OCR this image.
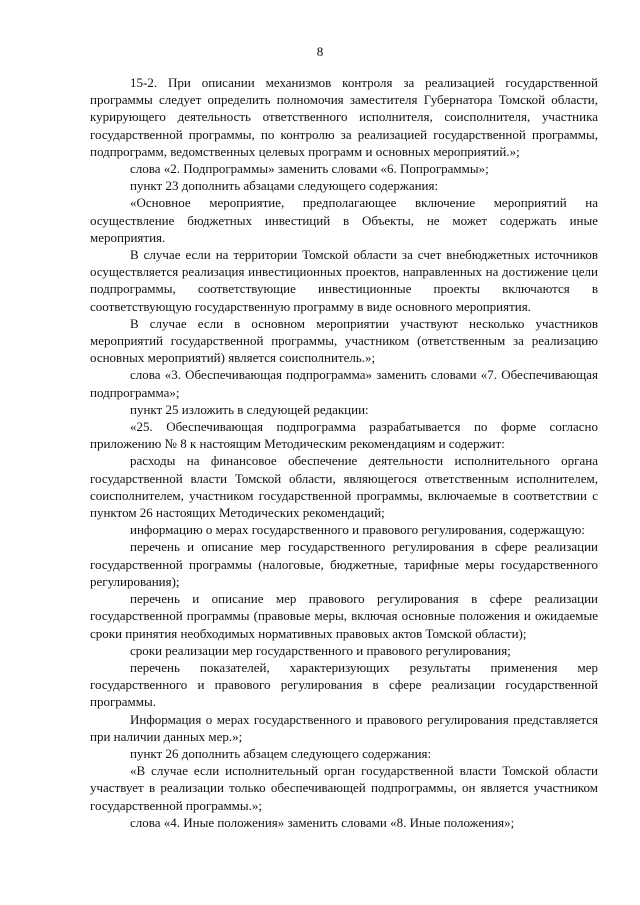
8

15-2. При описании механизмов контроля за реализацией государственной программы следует определить полномочия заместителя Губернатора Томской области, курирующего деятельность ответственного исполнителя, соисполнителя, участника государственной программы, по контролю за реализацией государственной программы, подпрограмм, ведомственных целевых программ и основных мероприятий.»;

слова «2. Подпрограммы» заменить словами «6. Попрограммы»;

пункт 23 дополнить абзацами следующего содержания:

«Основное мероприятие, предполагающее включение мероприятий на осуществление бюджетных инвестиций в Объекты, не может содержать иные мероприятия.

В случае если на территории Томской области за счет внебюджетных источников осуществляется реализация инвестиционных проектов, направленных на достижение цели подпрограммы, соответствующие инвестиционные проекты включаются в соответствующую государственную программу в виде основного мероприятия.

В случае если в основном мероприятии участвуют несколько участников мероприятий государственной программы, участником (ответственным за реализацию основных мероприятий) является соисполнитель.»;

слова «3. Обеспечивающая подпрограмма» заменить словами «7. Обеспечивающая подпрограмма»;

пункт 25 изложить в следующей редакции:

«25. Обеспечивающая подпрограмма разрабатывается по форме согласно приложению № 8 к настоящим Методическим рекомендациям и содержит:

расходы на финансовое обеспечение деятельности исполнительного органа государственной власти Томской области, являющегося ответственным исполнителем, соисполнителем, участником государственной программы, включаемые в соответствии с пунктом 26 настоящих Методических рекомендаций;

информацию о мерах государственного и правового регулирования, содержащую:

перечень и описание мер государственного регулирования в сфере реализации государственной программы (налоговые, бюджетные, тарифные меры государственного регулирования);

перечень и описание мер правового регулирования в сфере реализации государственной программы (правовые меры, включая основные положения и ожидаемые сроки принятия необходимых нормативных правовых актов Томской области);

сроки реализации мер государственного и правового регулирования;

перечень показателей, характеризующих результаты применения мер государственного и правового регулирования в сфере реализации государственной программы.

Информация о мерах государственного и правового регулирования представляется при наличии данных мер.»;

пункт 26 дополнить абзацем следующего содержания:

«В случае если исполнительный орган государственной власти Томской области участвует в реализации только обеспечивающей подпрограммы, он является участником государственной программы.»;

слова «4. Иные положения» заменить словами «8. Иные положения»;
